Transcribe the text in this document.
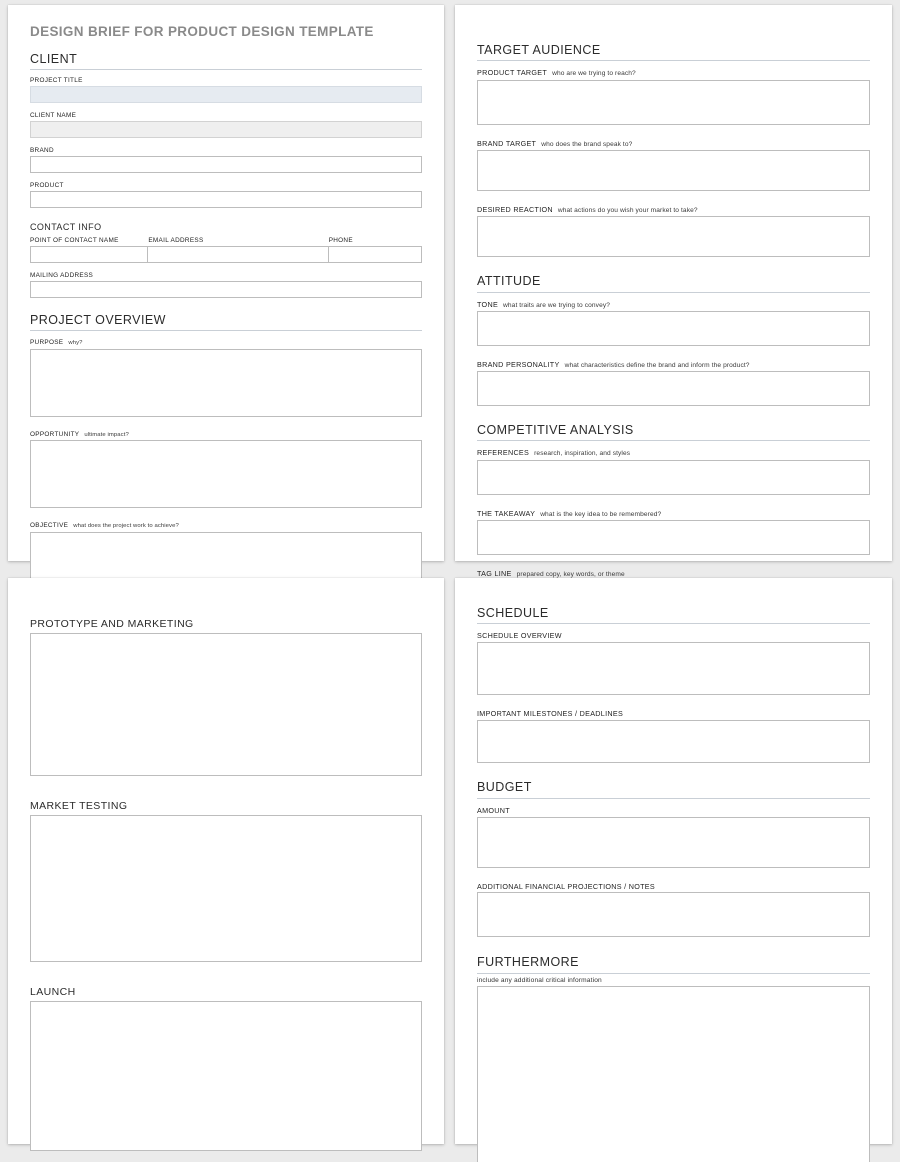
DESIGN BRIEF FOR PRODUCT DESIGN TEMPLATE
CLIENT
PROJECT TITLE
CLIENT NAME
BRAND
PRODUCT
CONTACT INFO
POINT OF CONTACT NAME	EMAIL ADDRESS	PHONE
MAILING ADDRESS
PROJECT OVERVIEW
PURPOSE why?
OPPORTUNITY ultimate impact?
OBJECTIVE what does the project work to achieve?
TARGET AUDIENCE
PRODUCT TARGET who are we trying to reach?
BRAND TARGET who does the brand speak to?
DESIRED REACTION what actions do you wish your market to take?
ATTITUDE
TONE what traits are we trying to convey?
BRAND PERSONALITY what characteristics define the brand and inform the product?
COMPETITIVE ANALYSIS
REFERENCES research, inspiration, and styles
THE TAKEAWAY what is the key idea to be remembered?
TAG LINE prepared copy, key words, or theme
PROTOTYPE AND MARKETING
MARKET TESTING
LAUNCH
SCHEDULE
SCHEDULE OVERVIEW
IMPORTANT MILESTONES / DEADLINES
BUDGET
AMOUNT
ADDITIONAL FINANCIAL PROJECTIONS / NOTES
FURTHERMORE
include any additional critical information
